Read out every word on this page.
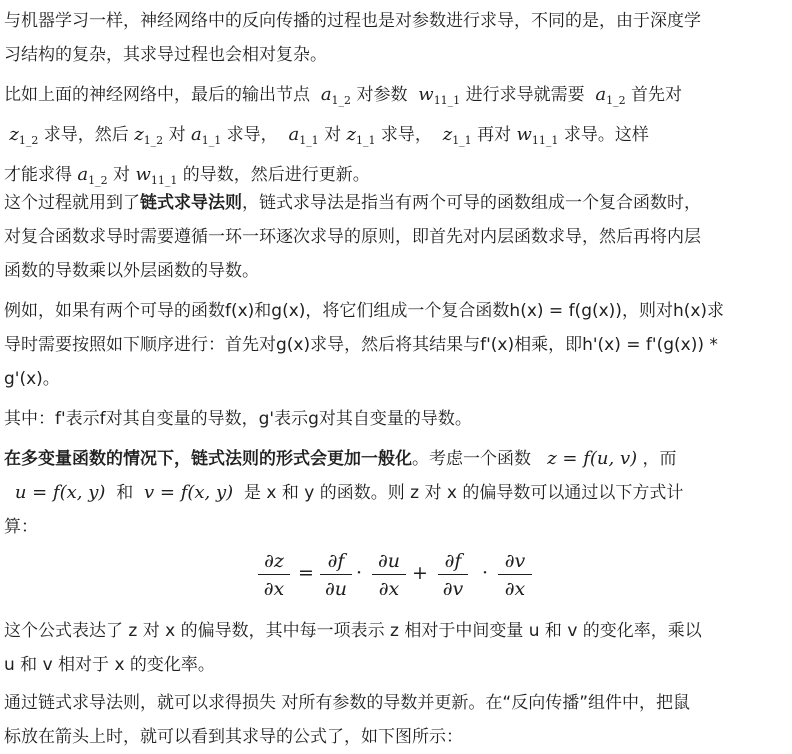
与机器学习一样，神经网络中的反向传播的过程也是对参数进行求导，不同的是，由于深度学
习结构的复杂，其求导过程也会相对复杂。
比如上面的神经网络中，最后的输出节点 $a_{1\_2}$ 对参数 $w_{11\_1}$ 进行求导就需要 $a_{1\_2}$ 首先对
$z_{1\_2}$ 求导，然后 $z_{1\_2}$ 对 $a_{1\_1}$ 求导， $a_{1\_1}$ 对 $z_{1\_1}$ 求导， $z_{1\_1}$ 再对 $w_{11\_1}$ 求导。这样
才能求得 $a_{1\_2}$ 对 $w_{11\_1}$ 的导数，然后进行更新。
这个过程就用到了链式求导法则，链式求导法是指当有两个可导的函数组成一个复合函数时，
对复合函数求导时需要遵循一环一环逐次求导的原则，即首先对内层函数求导，然后再将内层
函数的导数乘以外层函数的导数。
例如，如果有两个可导的函数f(x)和g(x)，将它们组成一个复合函数h(x) = f(g(x))，则对h(x)求
导时需要按照如下顺序进行：首先对g(x)求导，然后将其结果与f'(x)相乘，即h'(x) = f'(g(x)) *
g'(x)。
其中：f'表示f对其自变量的导数，g'表示g对其自变量的导数。
在多变量函数的情况下，链式法则的形式会更加一般化。考虑一个函数 z = f(u, v) ，而
u = f(x, y) 和 v = f(x, y) 是 x 和 y 的函数。则 z 对 x 的偏导数可以通过以下方式计
算：
∂z
∂x
=
∂f
∂u
·
∂u
∂x
+
∂f
∂v
·
∂v
∂x
这个公式表达了 z 对 x 的偏导数，其中每一项表示 z 相对于中间变量 u 和 v 的变化率，乘以
u 和 v 相对于 x 的变化率。
通过链式求导法则，就可以求得损失 对所有参数的导数并更新。在“反向传播”组件中，把鼠
标放在箭头上时，就可以看到其求导的公式了，如下图所示：
